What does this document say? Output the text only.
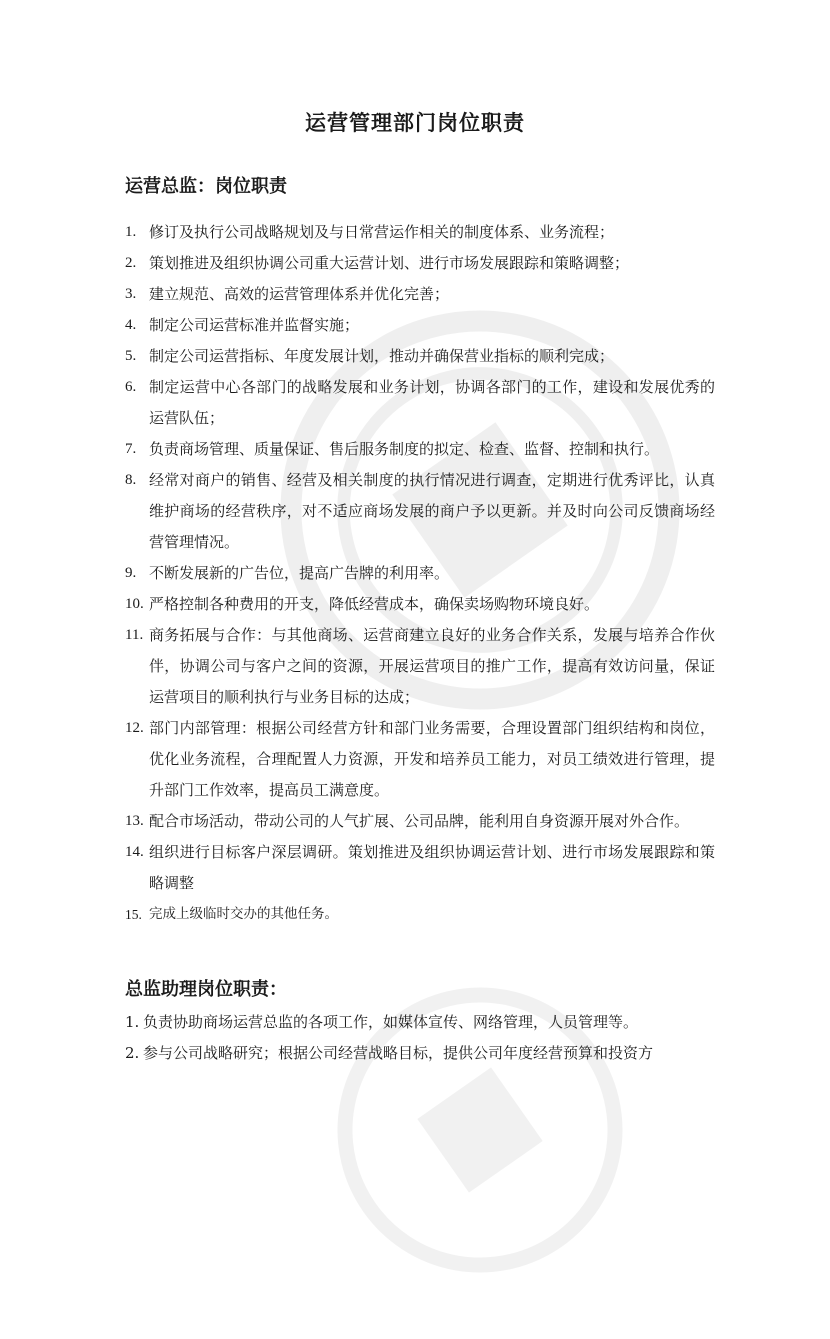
运营管理部门岗位职责
运营总监：岗位职责
1. 修订及执行公司战略规划及与日常营运作相关的制度体系、业务流程；
2. 策划推进及组织协调公司重大运营计划、进行市场发展跟踪和策略调整；
3. 建立规范、高效的运营管理体系并优化完善；
4. 制定公司运营标准并监督实施；
5. 制定公司运营指标、年度发展计划，推动并确保营业指标的顺利完成；
6. 制定运营中心各部门的战略发展和业务计划，协调各部门的工作，建设和发展优秀的运营队伍；
7. 负责商场管理、质量保证、售后服务制度的拟定、检查、监督、控制和执行。
8. 经常对商户的销售、经营及相关制度的执行情况进行调查，定期进行优秀评比，认真维护商场的经营秩序，对不适应商场发展的商户予以更新。并及时向公司反馈商场经营管理情况。
9. 不断发展新的广告位，提高广告牌的利用率。
10. 严格控制各种费用的开支，降低经营成本，确保卖场购物环境良好。
11. 商务拓展与合作：与其他商场、运营商建立良好的业务合作关系，发展与培养合作伙伴，协调公司与客户之间的资源，开展运营项目的推广工作，提高有效访问量，保证运营项目的顺利执行与业务目标的达成；
12. 部门内部管理：根据公司经营方针和部门业务需要，合理设置部门组织结构和岗位，优化业务流程，合理配置人力资源，开发和培养员工能力，对员工绩效进行管理，提升部门工作效率，提高员工满意度。
13. 配合市场活动，带动公司的人气扩展、公司品牌，能利用自身资源开展对外合作。
14. 组织进行目标客户深层调研。策划推进及组织协调运营计划、进行市场发展跟踪和策略调整
15. 完成上级临时交办的其他任务。
总监助理岗位职责：
1. 负责协助商场运营总监的各项工作，如媒体宣传、网络管理，人员管理等。
2. 参与公司战略研究；根据公司经营战略目标，提供公司年度经营预算和投资方
